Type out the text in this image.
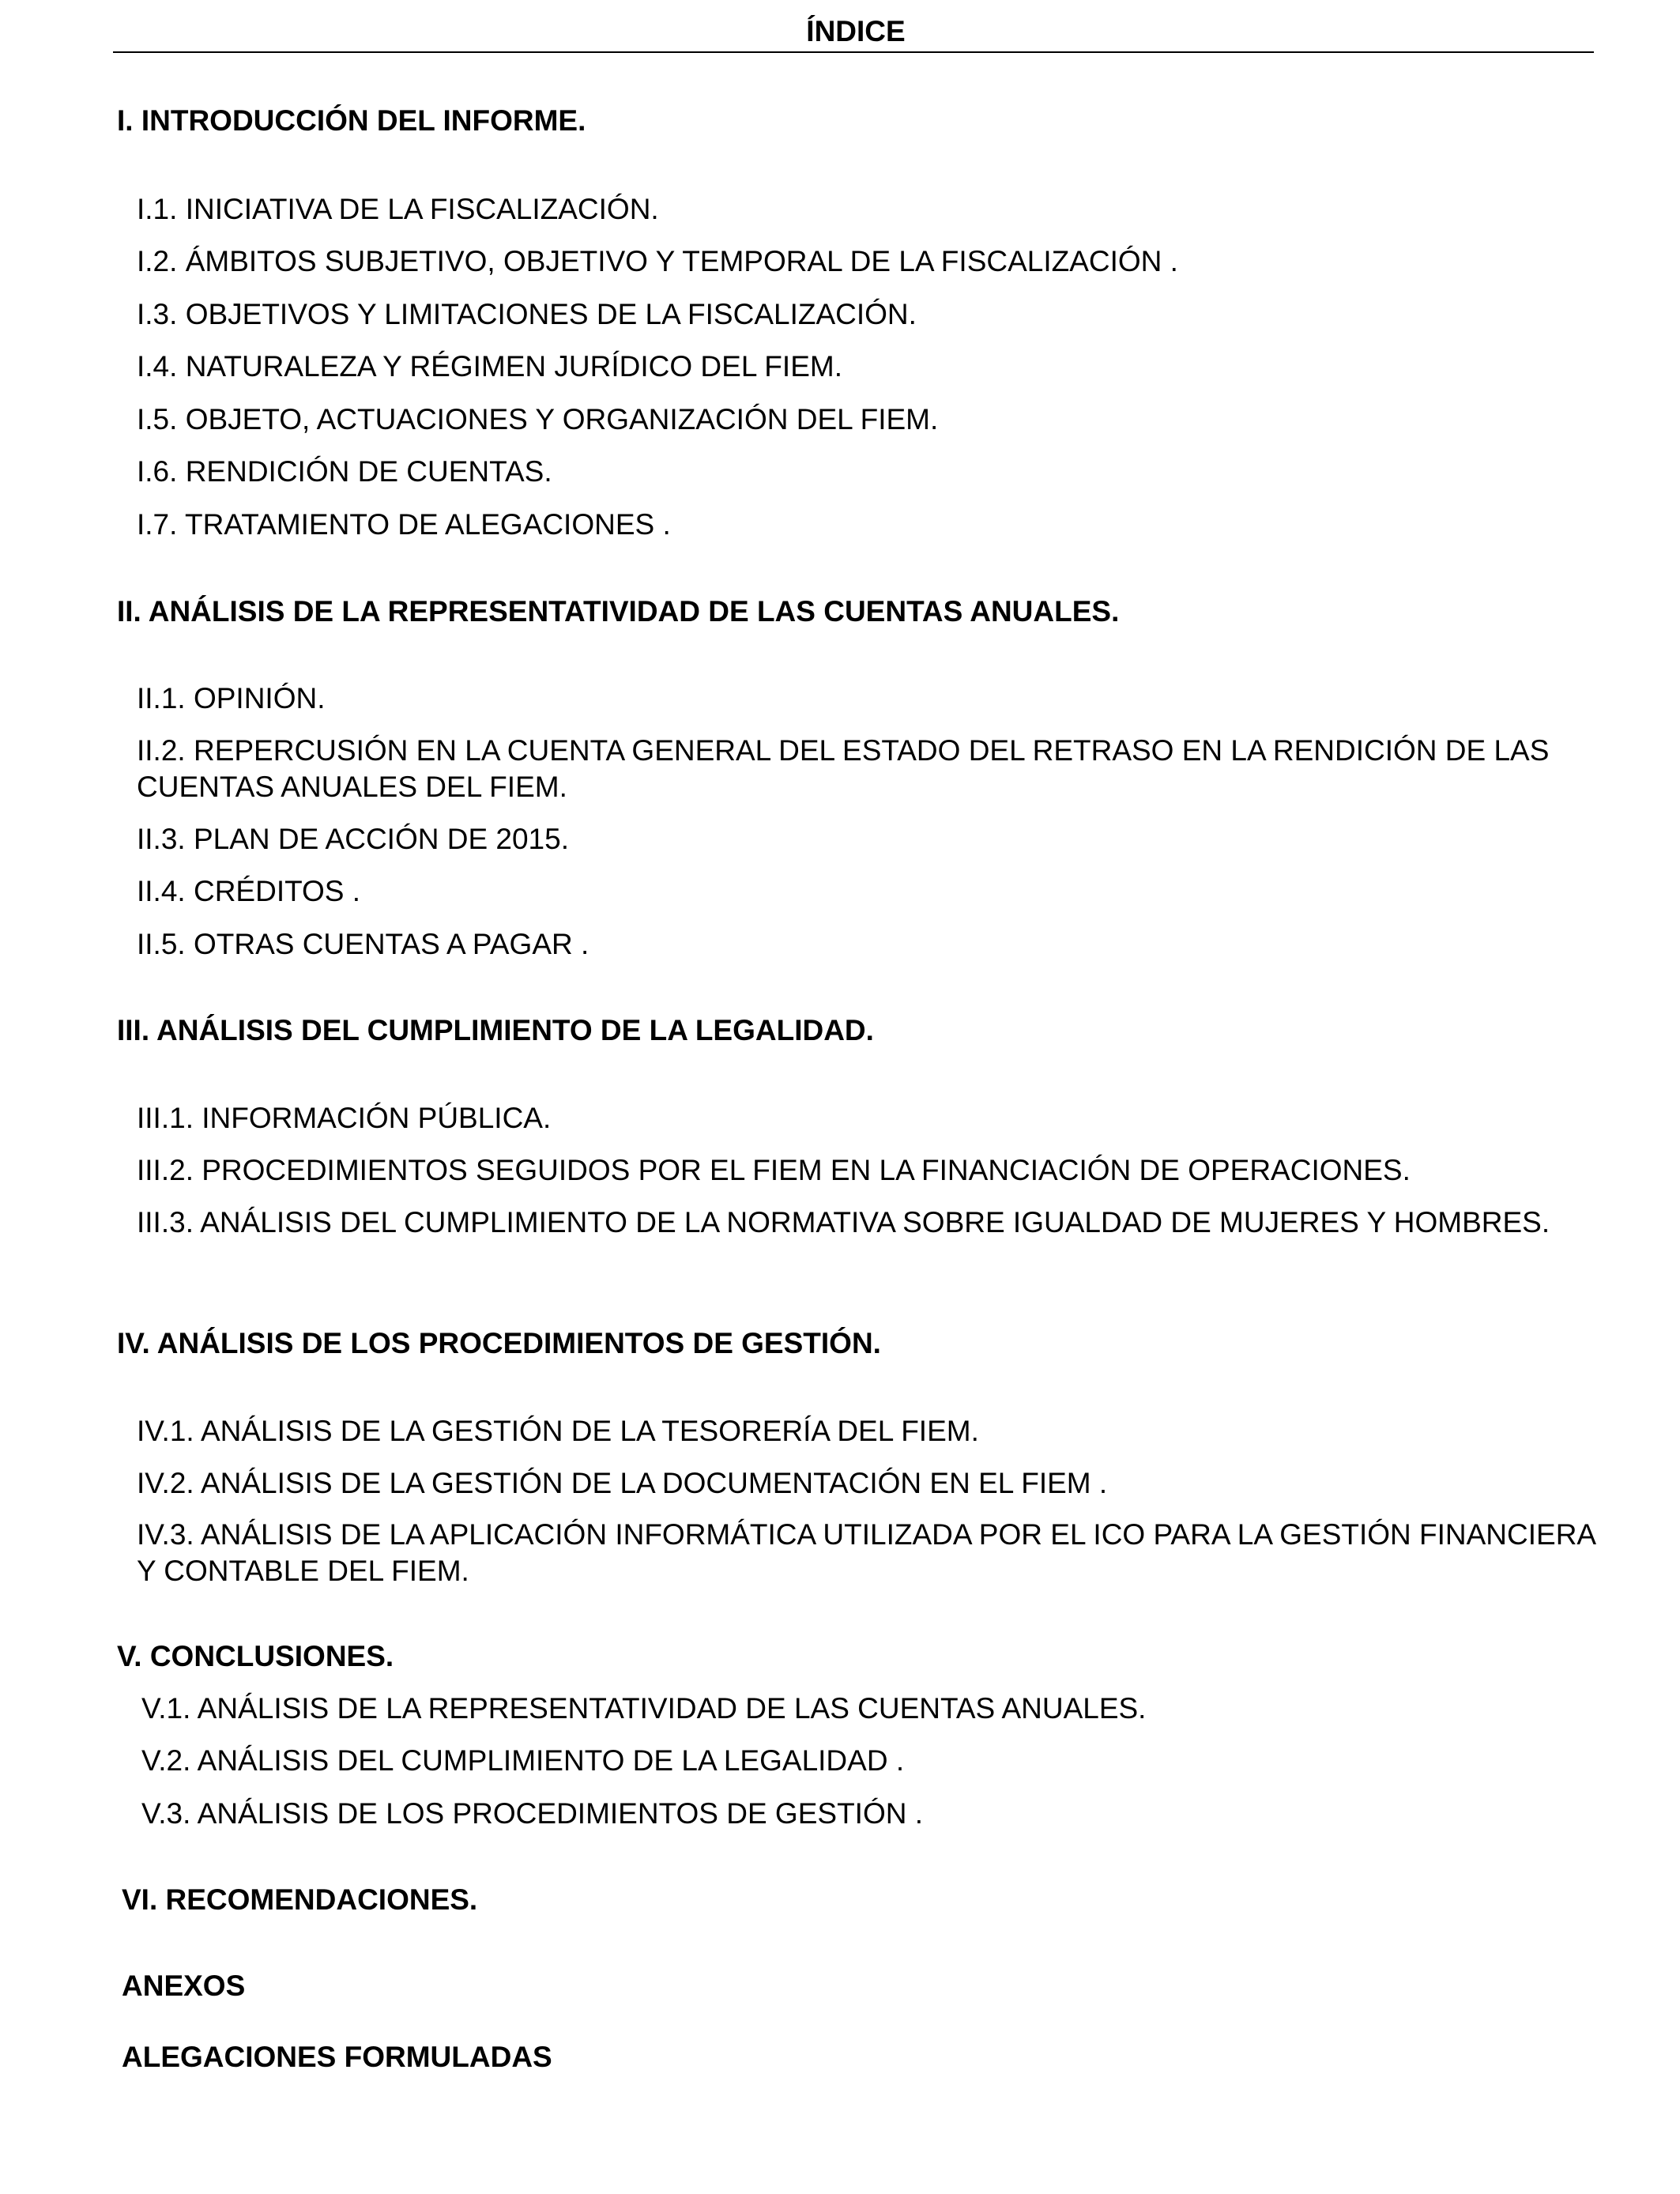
ÍNDICE
I. INTRODUCCIÓN DEL INFORME.
I.1. INICIATIVA DE LA FISCALIZACIÓN.
I.2. ÁMBITOS SUBJETIVO, OBJETIVO Y TEMPORAL DE LA FISCALIZACIÓN .
I.3. OBJETIVOS Y LIMITACIONES DE LA FISCALIZACIÓN.
I.4. NATURALEZA Y RÉGIMEN JURÍDICO DEL FIEM.
I.5. OBJETO, ACTUACIONES Y ORGANIZACIÓN DEL FIEM.
I.6. RENDICIÓN DE CUENTAS.
I.7. TRATAMIENTO DE ALEGACIONES .
II. ANÁLISIS DE LA REPRESENTATIVIDAD DE LAS CUENTAS ANUALES.
II.1. OPINIÓN.
II.2. REPERCUSIÓN EN LA CUENTA GENERAL DEL ESTADO DEL RETRASO EN LA RENDICIÓN DE LAS CUENTAS ANUALES DEL FIEM.
II.3. PLAN DE ACCIÓN DE 2015.
II.4. CRÉDITOS .
II.5. OTRAS CUENTAS A PAGAR .
III. ANÁLISIS DEL CUMPLIMIENTO DE LA LEGALIDAD.
III.1. INFORMACIÓN PÚBLICA.
III.2. PROCEDIMIENTOS SEGUIDOS POR EL FIEM EN LA FINANCIACIÓN DE OPERACIONES.
III.3. ANÁLISIS DEL CUMPLIMIENTO DE LA NORMATIVA SOBRE IGUALDAD DE MUJERES Y HOMBRES.
IV. ANÁLISIS DE LOS PROCEDIMIENTOS DE GESTIÓN.
IV.1. ANÁLISIS DE LA GESTIÓN DE LA TESORERÍA DEL FIEM.
IV.2. ANÁLISIS DE LA GESTIÓN DE LA DOCUMENTACIÓN EN EL FIEM .
IV.3. ANÁLISIS DE LA APLICACIÓN INFORMÁTICA UTILIZADA POR EL ICO PARA LA GESTIÓN FINANCIERA Y CONTABLE DEL FIEM.
V. CONCLUSIONES.
V.1. ANÁLISIS DE LA REPRESENTATIVIDAD DE LAS CUENTAS ANUALES.
V.2. ANÁLISIS DEL CUMPLIMIENTO DE LA LEGALIDAD .
V.3. ANÁLISIS DE LOS PROCEDIMIENTOS DE GESTIÓN .
VI. RECOMENDACIONES.
ANEXOS
ALEGACIONES FORMULADAS
